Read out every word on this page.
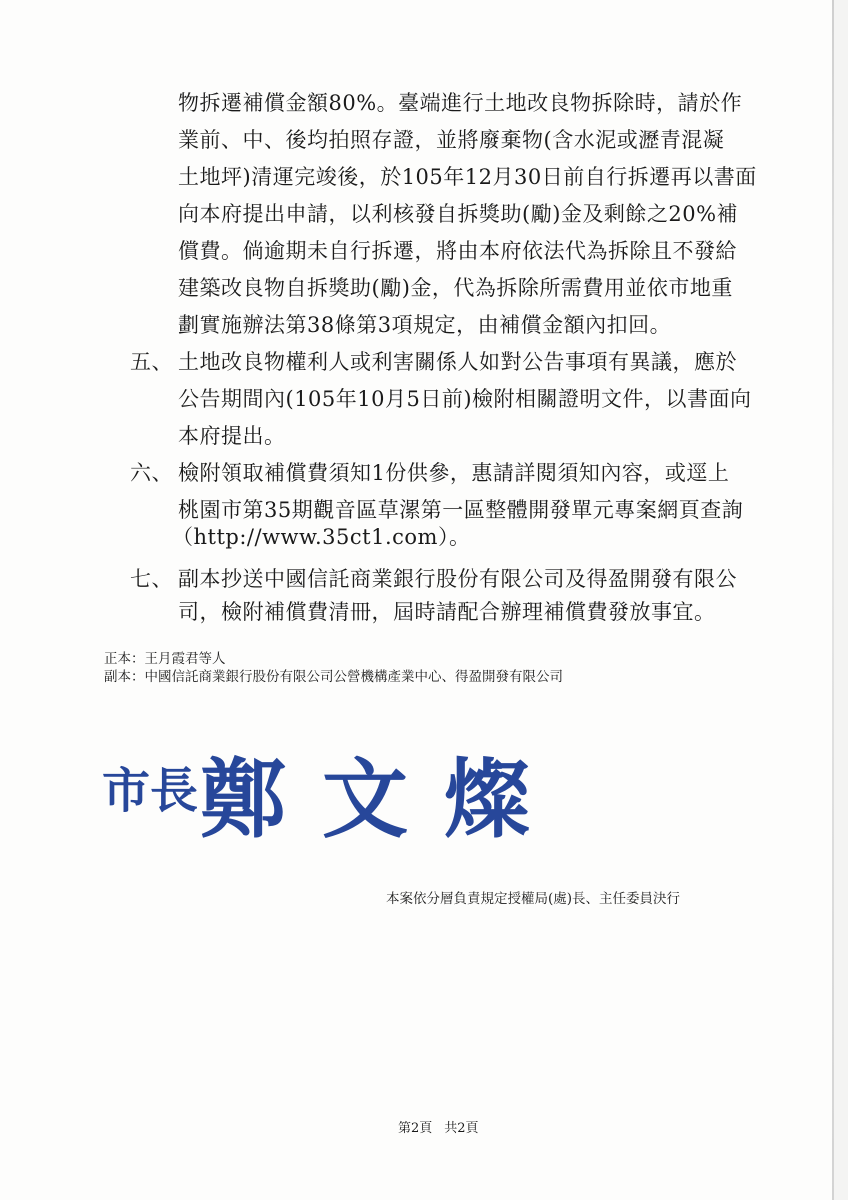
物拆遷補償金額80%。臺端進行土地改良物拆除時，請於作
業前、中、後均拍照存證，並將廢棄物(含水泥或瀝青混凝
土地坪)清運完竣後，於105年12月30日前自行拆遷再以書面
向本府提出申請，以利核發自拆獎助(勵)金及剩餘之20%補
償費。倘逾期未自行拆遷，將由本府依法代為拆除且不發給
建築改良物自拆獎助(勵)金，代為拆除所需費用並依市地重
劃實施辦法第38條第3項規定，由補償金額內扣回。
五、 土地改良物權利人或利害關係人如對公告事項有異議，應於
公告期間內(105年10月5日前)檢附相關證明文件，以書面向
本府提出。
六、 檢附領取補償費須知1份供參，惠請詳閱須知內容，或逕上
桃園市第35期觀音區草漯第一區整體開發單元專案網頁查詢
（http://www.35ct1.com）。
七、 副本抄送中國信託商業銀行股份有限公司及得盈開發有限公
司，檢附補償費清冊，屆時請配合辦理補償費發放事宜。
正本：王月霞君等人
副本：中國信託商業銀行股份有限公司公營機構產業中心、得盈開發有限公司
市長 鄭文燦
本案依分層負責規定授權局(處)長、主任委員決行
第2頁 共2頁
